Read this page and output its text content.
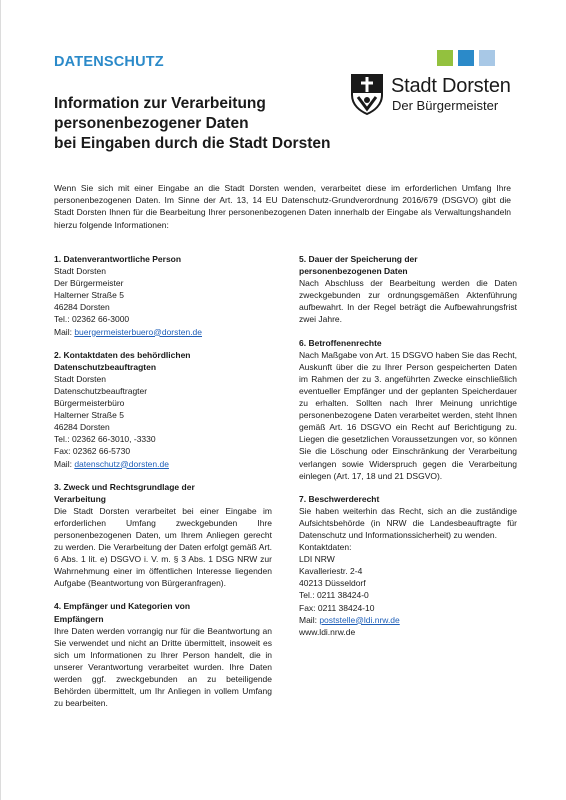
DATENSCHUTZ
Stadt Dorsten
Der Bürgermeister
Information zur Verarbeitung
personenbezogener Daten
bei Eingaben durch die Stadt Dorsten
Wenn Sie sich mit einer Eingabe an die Stadt Dorsten wenden, verarbeitet diese im erforderlichen Umfang Ihre personenbezogenen Daten. Im Sinne der Art. 13, 14 EU Datenschutz-Grundverordnung 2016/679 (DSGVO) gibt die Stadt Dorsten Ihnen für die Bearbeitung Ihrer personenbezogenen Daten innerhalb der Eingabe als Verwaltungshandeln hierzu folgende Informationen:
1. Datenverantwortliche Person
Stadt Dorsten
Der Bürgermeister
Halterner Straße 5
46284 Dorsten
Tel.: 02362 66-3000
Mail: buergermeisterbuero@dorsten.de
2. Kontaktdaten des behördlichen Datenschutzbeauftragten
Stadt Dorsten
Datenschutzbeauftragter
Bürgermeisterbüro
Halterner Straße 5
46284 Dorsten
Tel.: 02362 66-3010, -3330
Fax: 02362 66-5730
Mail: datenschutz@dorsten.de
3. Zweck und Rechtsgrundlage der Verarbeitung
Die Stadt Dorsten verarbeitet bei einer Eingabe im erforderlichen Umfang zweckgebunden Ihre personenbezogenen Daten, um Ihrem Anliegen gerecht zu werden. Die Verarbeitung der Daten erfolgt gemäß Art. 6 Abs. 1 lit. e) DSGVO i. V. m. § 3 Abs. 1 DSG NRW zur Wahrnehmung einer im öffentlichen Interesse liegenden Aufgabe (Beantwortung von Bürgeranfragen).
4. Empfänger und Kategorien von Empfängern
Ihre Daten werden vorrangig nur für die Beantwortung an Sie verwendet und nicht an Dritte übermittelt, insoweit es sich um Informationen zu Ihrer Person handelt, die in unserer Verantwortung verarbeitet wurden. Ihre Daten werden ggf. zweckgebunden an zu beteiligende Behörden übermittelt, um Ihr Anliegen in vollem Umfang zu bearbeiten.
5. Dauer der Speicherung der personenbezogenen Daten
Nach Abschluss der Bearbeitung werden die Daten zweckgebunden zur ordnungsgemäßen Aktenführung aufbewahrt. In der Regel beträgt die Aufbewahrungsfrist zwei Jahre.
6. Betroffenenrechte
Nach Maßgabe von Art. 15 DSGVO haben Sie das Recht, Auskunft über die zu Ihrer Person gespeicherten Daten im Rahmen der zu 3. angeführten Zwecke einschließlich eventueller Empfänger und der geplanten Speicherdauer zu erhalten. Sollten nach Ihrer Meinung unrichtige personenbezogene Daten verarbeitet werden, steht Ihnen gemäß Art. 16 DSGVO ein Recht auf Berichtigung zu. Liegen die gesetzlichen Voraussetzungen vor, so können Sie die Löschung oder Einschränkung der Verarbeitung verlangen sowie Widerspruch gegen die Verarbeitung einlegen (Art. 17, 18 und 21 DSGVO).
7. Beschwerderecht
Sie haben weiterhin das Recht, sich an die zuständige Aufsichtsbehörde (in NRW die Landesbeauftragte für Datenschutz und Informationssicherheit) zu wenden.
Kontaktdaten:
LDI NRW
Kavalleriestr. 2-4
40213 Düsseldorf
Tel.: 0211 38424-0
Fax: 0211 38424-10
Mail: poststelle@ldi.nrw.de
www.ldi.nrw.de
